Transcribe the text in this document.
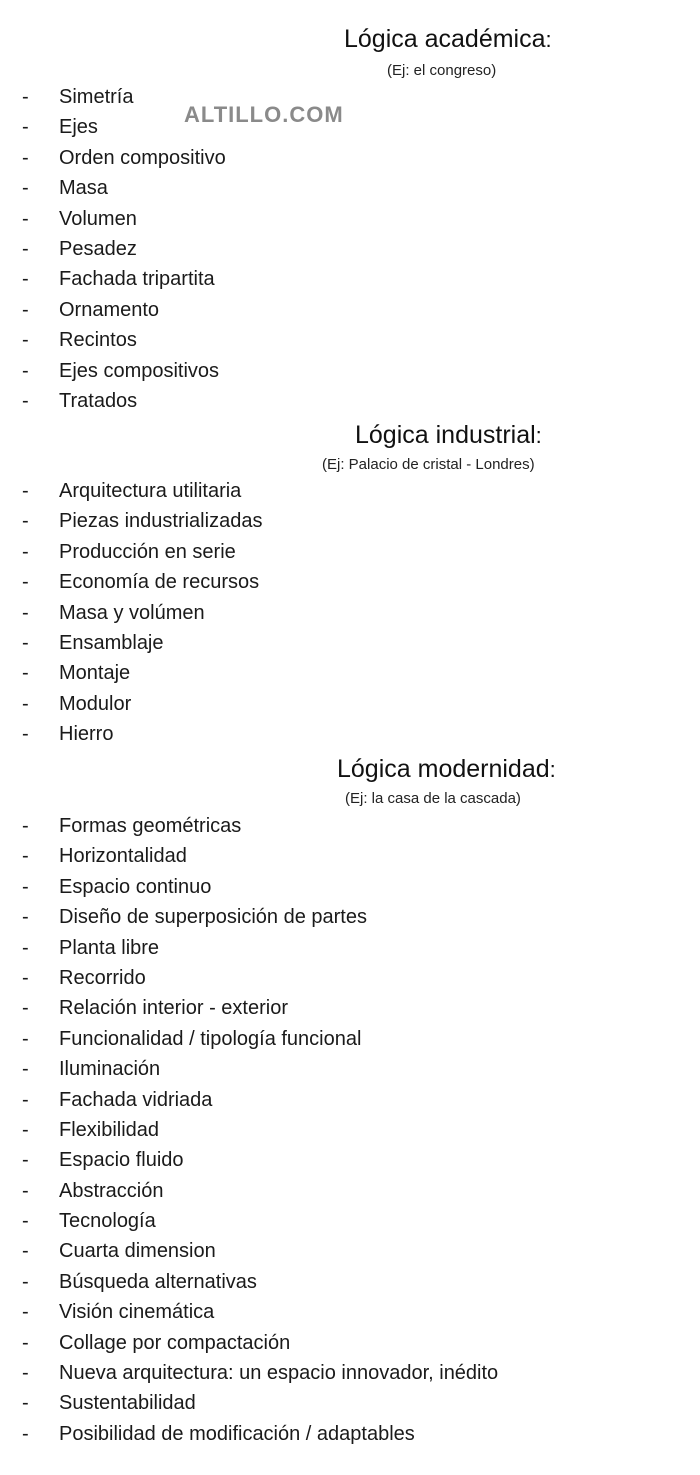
Lógica académica:
(Ej: el congreso)
- Simetría
- Ejes
- Orden compositivo
- Masa
- Volumen
- Pesadez
- Fachada tripartita
- Ornamento
- Recintos
- Ejes compositivos
- Tratados
ALTILLO.COM
Lógica industrial:
(Ej: Palacio de cristal - Londres)
- Arquitectura utilitaria
- Piezas industrializadas
- Producción en serie
- Economía de recursos
- Masa y volúmen
- Ensamblaje
- Montaje
- Modulor
- Hierro
Lógica modernidad:
(Ej: la casa de la cascada)
- Formas geométricas
- Horizontalidad
- Espacio continuo
- Diseño de superposición de partes
- Planta libre
- Recorrido
- Relación interior - exterior
- Funcionalidad / tipología funcional
- Iluminación
- Fachada vidriada
- Flexibilidad
- Espacio fluido
- Abstracción
- Tecnología
- Cuarta dimension
- Búsqueda alternativas
- Visión cinemática
- Collage por compactación
- Nueva arquitectura: un espacio innovador, inédito
- Sustentabilidad
- Posibilidad de modificación / adaptables
